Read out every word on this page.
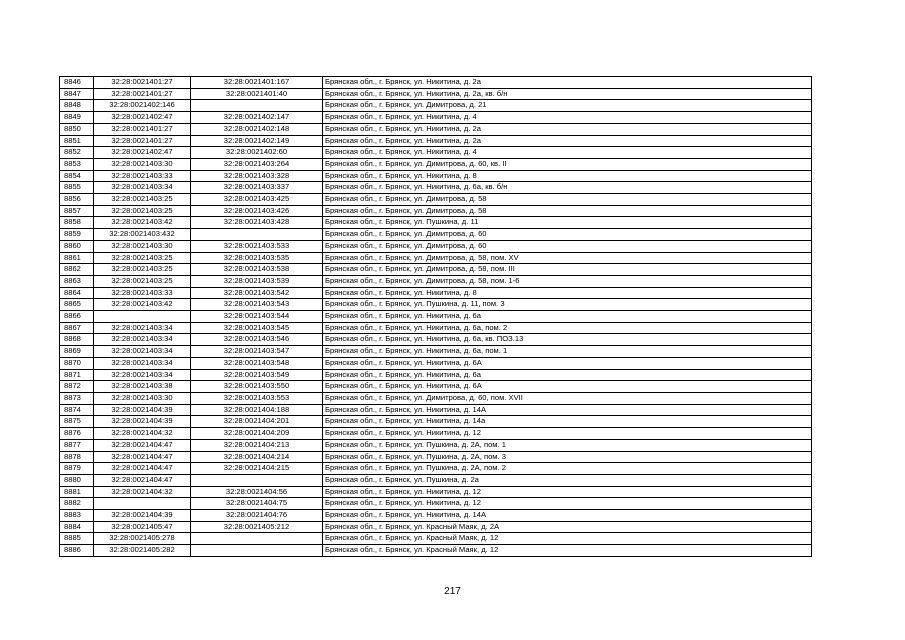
8846	32:28:0021401:27	32:28:0021401:167	Брянская обл., г. Брянск, ул. Никитина, д. 2а
8847	32:28:0021401:27	32:28:0021401:40	Брянская обл., г. Брянск, ул. Никитина, д. 2а, кв. б/н
8848	32:28:0021402:146		Брянская обл., г. Брянск, ул. Димитрова, д. 21
8849	32:28:0021402:47	32:28:0021402:147	Брянская обл., г. Брянск, ул. Никитина, д. 4
8850	32:28:0021401:27	32:28:0021402:148	Брянская обл., г. Брянск, ул. Никитина, д. 2а
8851	32:28:0021401:27	32:28:0021402:149	Брянская обл., г. Брянск, ул. Никитина, д. 2а
8852	32:28:0021402:47	32:28:0021402:60	Брянская обл., г. Брянск, ул. Никитина, д. 4
8853	32:28:0021403:30	32:28:0021403:264	Брянская обл., г. Брянск, ул. Димитрова, д. 60, кв. II
8854	32:28:0021403:33	32:28:0021403:328	Брянская обл., г. Брянск, ул. Никитина, д. 8
8855	32:28:0021403:34	32:28:0021403:337	Брянская обл., г. Брянск, ул. Никитина, д. 6а, кв. б/н
8856	32:28:0021403:25	32:28:0021403:425	Брянская обл., г. Брянск, ул. Димитрова, д. 58
8857	32:28:0021403:25	32:28:0021403:426	Брянская обл., г. Брянск, ул. Димитрова, д. 58
8858	32:28:0021403:42	32:28:0021403:428	Брянская обл., г. Брянск, ул. Пушкина, д. 11
8859	32:28:0021403:432		Брянская обл., г. Брянск, ул. Димитрова, д. 60
8860	32:28:0021403:30	32:28:0021403:533	Брянская обл., г. Брянск, ул. Димитрова, д. 60
8861	32:28:0021403:25	32:28:0021403:535	Брянская обл., г. Брянск, ул. Димитрова, д. 58, пом. XV
8862	32:28:0021403:25	32:28:0021403:538	Брянская обл., г. Брянск, ул. Димитрова, д. 58, пом. III
8863	32:28:0021403:25	32:28:0021403:539	Брянская обл., г. Брянск, ул. Димитрова, д. 58, пом. 1-6
8864	32:28:0021403:33	32:28:0021403:542	Брянская обл., г. Брянск, ул. Никитина, д. 8
8865	32:28:0021403:42	32:28:0021403:543	Брянская обл., г. Брянск, ул. Пушкина, д. 11, пом. 3
8866		32:28:0021403:544	Брянская обл., г. Брянск, ул. Никитина, д. 6а
8867	32:28:0021403:34	32:28:0021403:545	Брянская обл., г. Брянск, ул. Никитина, д. 6а, пом. 2
8868	32:28:0021403:34	32:28:0021403:546	Брянская обл., г. Брянск, ул. Никитина, д. 6а, кв. ПОЗ.13
8869	32:28:0021403:34	32:28:0021403:547	Брянская обл., г. Брянск, ул. Никитина, д. 6а, пом. 1
8870	32:28:0021403:34	32:28:0021403:548	Брянская обл., г. Брянск, ул. Никитина, д. 6А
8871	32:28:0021403:34	32:28:0021403:549	Брянская обл., г. Брянск, ул. Никитина, д. 6а
8872	32:28:0021403:38	32:28:0021403:550	Брянская обл., г. Брянск, ул. Никитина, д. 6А
8873	32:28:0021403:30	32:28:0021403:553	Брянская обл., г. Брянск, ул. Димитрова, д. 60, пом. XVII
8874	32:28:0021404:39	32:28:0021404:188	Брянская обл., г. Брянск, ул. Никитина, д. 14А
8875	32:28:0021404:39	32:28:0021404:201	Брянская обл., г. Брянск, ул. Никитина, д. 14а
8876	32:28:0021404:32	32:28:0021404:209	Брянская обл., г. Брянск, ул. Никитина, д. 12
8877	32:28:0021404:47	32:28:0021404:213	Брянская обл., г. Брянск, ул. Пушкина, д. 2А, пом. 1
8878	32:28:0021404:47	32:28:0021404:214	Брянская обл., г. Брянск, ул. Пушкина, д. 2А, пом. 3
8879	32:28:0021404:47	32:28:0021404:215	Брянская обл., г. Брянск, ул. Пушкина, д. 2А, пом. 2
8880	32:28:0021404:47		Брянская обл., г. Брянск, ул. Пушкина, д. 2а
8881	32:28:0021404:32	32:28:0021404:56	Брянская обл., г. Брянск, ул. Никитина, д. 12
8882		32:28:0021404:75	Брянская обл., г. Брянск, ул. Никитина, д. 12
8883	32:28:0021404:39	32:28:0021404:76	Брянская обл., г. Брянск, ул. Никитина, д. 14А
8884	32:28:0021405:47	32:28:0021405:212	Брянская обл., г. Брянск, ул. Красный Маяк, д. 2А
8885	32:28:0021405:278		Брянская обл., г. Брянск, ул. Красный Маяк, д. 12
8886	32:28:0021405:282		Брянская обл., г. Брянск, ул. Красный Маяк, д. 12
217
